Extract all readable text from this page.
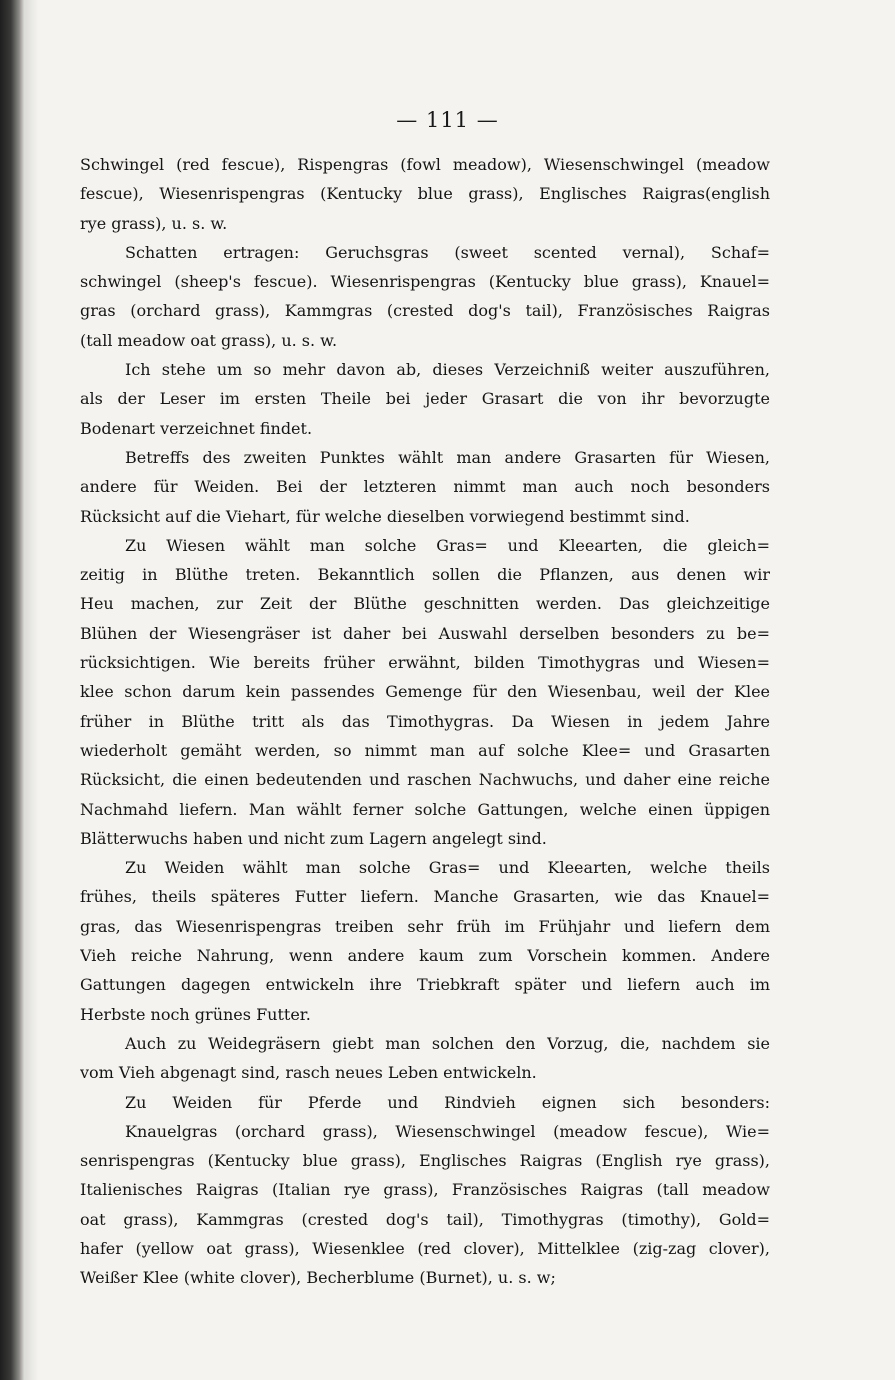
— 111 —
Schwingel (red fescue), Rispengras (fowl meadow), Wiesenschwingel (meadow
fescue), Wiesenrispengras (Kentucky blue grass), Englisches Raigras(english
rye grass), u. s. w.
Schatten ertragen: Geruchsgras (sweet scented vernal), Schaf=
schwingel (sheep's fescue). Wiesenrispengras (Kentucky blue grass), Knauel=
gras (orchard grass), Kammgras (crested dog's tail), Französisches Raigras
(tall meadow oat grass), u. s. w.
Ich stehe um so mehr davon ab, dieses Verzeichniß weiter auszuführen,
als der Leser im ersten Theile bei jeder Grasart die von ihr bevorzugte
Bodenart verzeichnet findet.
Betreffs des zweiten Punktes wählt man andere Grasarten für Wiesen,
andere für Weiden. Bei der letzteren nimmt man auch noch besonders
Rücksicht auf die Viehart, für welche dieselben vorwiegend bestimmt sind.
Zu Wiesen wählt man solche Gras= und Kleearten, die gleich=
zeitig in Blüthe treten. Bekanntlich sollen die Pflanzen, aus denen wir
Heu machen, zur Zeit der Blüthe geschnitten werden. Das gleichzeitige
Blühen der Wiesengräser ist daher bei Auswahl derselben besonders zu be=
rücksichtigen. Wie bereits früher erwähnt, bilden Timothygras und Wiesen=
klee schon darum kein passendes Gemenge für den Wiesenbau, weil der Klee
früher in Blüthe tritt als das Timothygras. Da Wiesen in jedem Jahre
wiederholt gemäht werden, so nimmt man auf solche Klee= und Grasarten
Rücksicht, die einen bedeutenden und raschen Nachwuchs, und daher eine reiche
Nachmahd liefern. Man wählt ferner solche Gattungen, welche einen üppigen
Blätterwuchs haben und nicht zum Lagern angelegt sind.
Zu Weiden wählt man solche Gras= und Kleearten, welche theils
frühes, theils späteres Futter liefern. Manche Grasarten, wie das Knauel=
gras, das Wiesenrispengras treiben sehr früh im Frühjahr und liefern dem
Vieh reiche Nahrung, wenn andere kaum zum Vorschein kommen. Andere
Gattungen dagegen entwickeln ihre Triebkraft später und liefern auch im
Herbste noch grünes Futter.
Auch zu Weidegräsern giebt man solchen den Vorzug, die, nachdem sie
vom Vieh abgenagt sind, rasch neues Leben entwickeln.
Zu Weiden für Pferde und Rindvieh eignen sich besonders:
Knauelgras (orchard grass), Wiesenschwingel (meadow fescue), Wie=
senrispengras (Kentucky blue grass), Englisches Raigras (English rye grass),
Italienisches Raigras (Italian rye grass), Französisches Raigras (tall meadow
oat grass), Kammgras (crested dog's tail), Timothygras (timothy), Gold=
hafer (yellow oat grass), Wiesenklee (red clover), Mittelklee (zig-zag clover),
Weißer Klee (white clover), Becherblume (Burnet), u. s. w;
